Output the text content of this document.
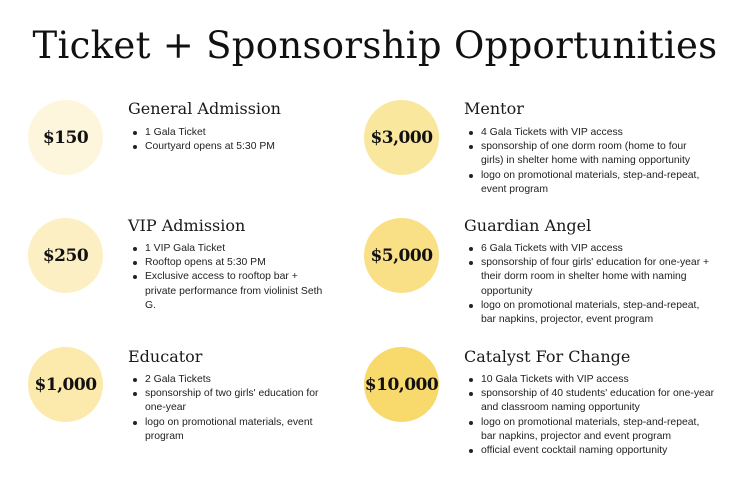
Ticket + Sponsorship Opportunities
$150
General Admission
1 Gala Ticket
Courtyard opens at 5:30 PM
$250
VIP Admission
1 VIP Gala Ticket
Rooftop opens at 5:30 PM
Exclusive access to rooftop bar + private performance from violinist Seth G.
$1,000
Educator
2 Gala Tickets
sponsorship of two girls' education for one-year
logo on promotional materials, event program
$3,000
Mentor
4 Gala Tickets with VIP access
sponsorship of one dorm room (home to four girls) in shelter home with naming opportunity
logo on promotional materials, step-and-repeat, event program
$5,000
Guardian Angel
6 Gala Tickets with VIP access
sponsorship of four girls' education for one-year + their dorm room in shelter home with naming opportunity
logo on promotional materials, step-and-repeat, bar napkins, projector, event program
$10,000
Catalyst For Change
10 Gala Tickets with VIP access
sponsorship of 40 students' education for one-year and classroom naming opportunity
logo on promotional materials, step-and-repeat, bar napkins, projector and event program
official event cocktail naming opportunity
